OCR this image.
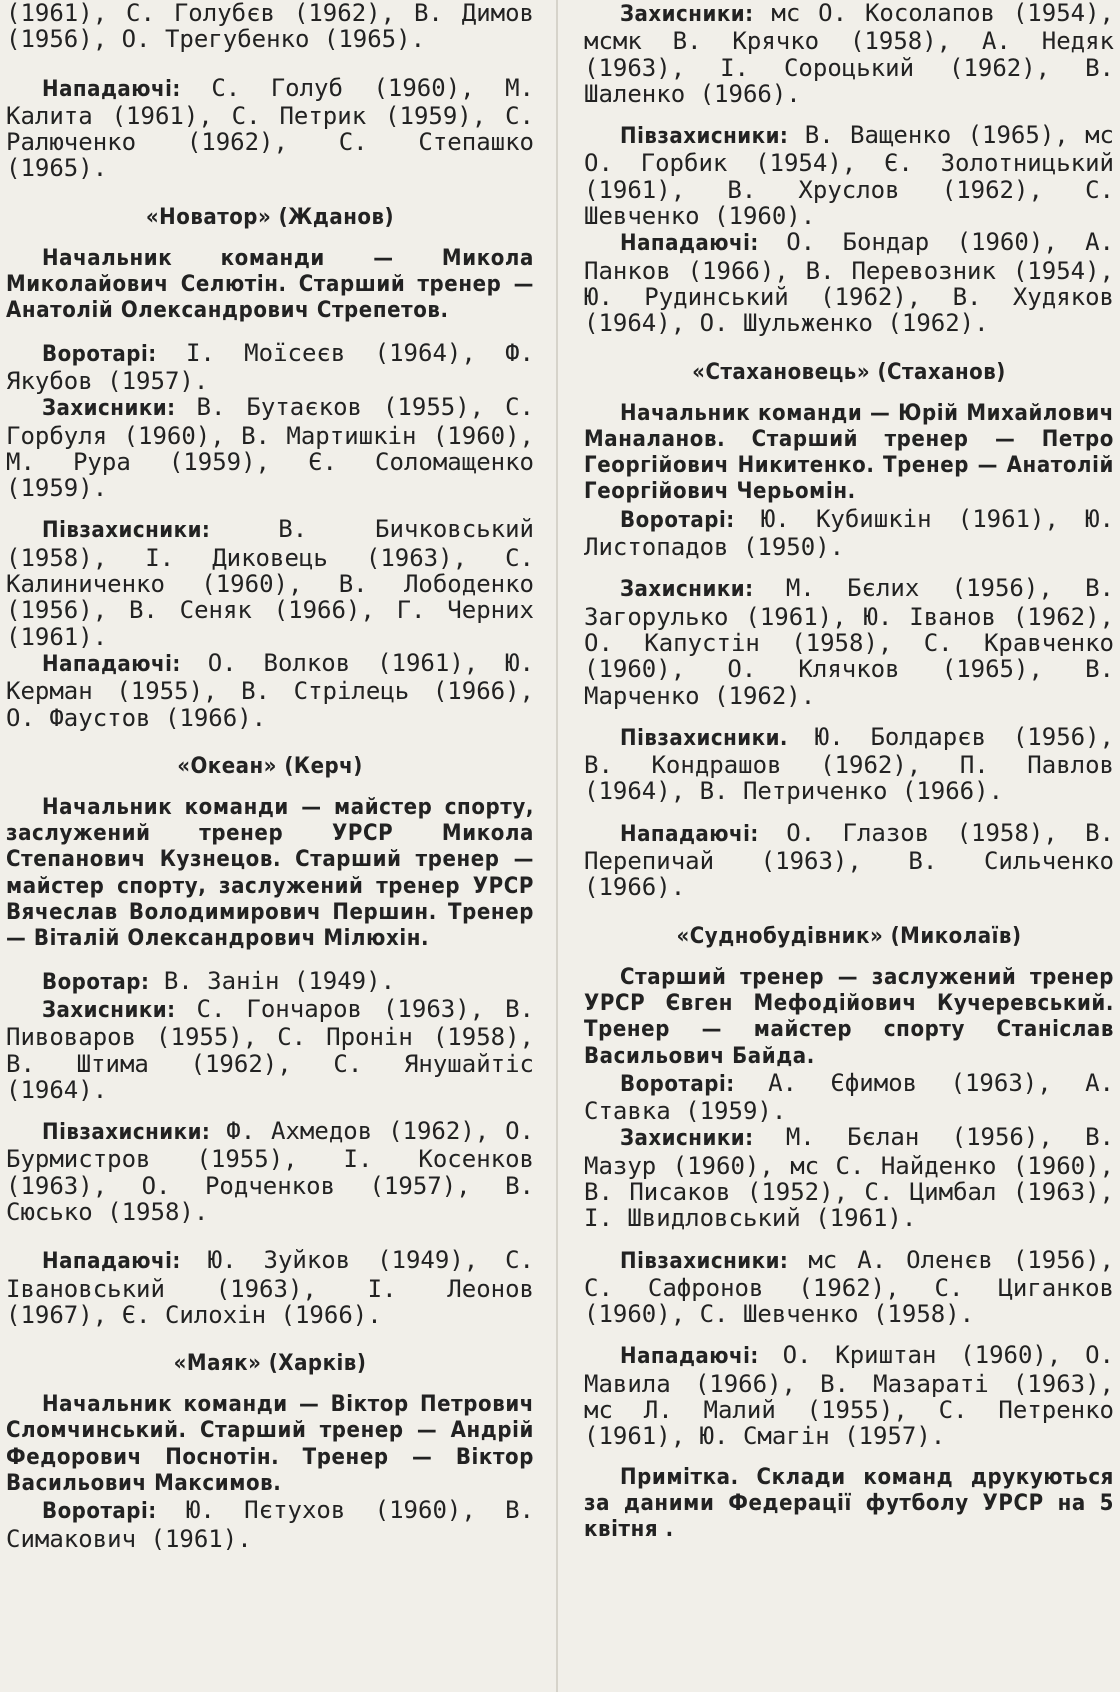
(1961), С. Голубєв (1962), В. Димов (1956), О. Трегубенко (1965).

Нападаючі: С. Голуб (1960), М. Калита (1961), С. Петрик (1959), С. Ралюченко (1962), С. Степашко (1965).

«Новатор» (Жданов)

Начальник команди — Микола Миколайович Селютін. Старший тренер — Анатолій Олександрович Стрепетов.

Воротарі: І. Моїсеєв (1964), Ф. Якубов (1957).

Захисники: В. Бутаєков (1955), С. Горбуля (1960), В. Мартишкін (1960), М. Рура (1959), Є. Соломащенко (1959).

Півзахисники:	В. Бичковський (1958), І. Диковець (1963), С. Калиниченко (1960), В. Лободенко (1956), В. Сеняк (1966), Г. Черних (1961).

Нападаючі: О. Волков (1961), Ю. Керман (1955), В. Стрілець (1966), О. Фаустов (1966).

«Океан» (Керч)

Начальник команди — майстер спорту, заслужений тренер УРСР Микола Степанович Кузнецов. Старший тренер — майстер спорту, заслужений тренер УРСР Вячеслав Володимирович Першин. Тренер — Віталій Олександрович Мілюхін.

Воротар: В. Занін (1949).

Захисники: С. Гончаров (1963), В. Пивоваров (1955), С. Пронін (1958), В. Штима (1962), С. Янушайтіс (1964).

Півзахисники: Ф. Ахмедов (1962), О. Бурмистров (1955), І. Косенков (1963), О. Родченков (1957), В. Сюсько (1958).

Нападаючі: Ю. Зуйков (1949), С. Івановський (1963), І. Леонов (1967), Є. Силохін (1966).

«Маяк» (Харків)

Начальник команди — Віктор Петрович Сломчинський. Старший тренер — Андрій Федорович Поснотін. Тренер — Віктор Васильович Максимов.

Воротарі: Ю. Пєтухов (1960), В. Симакович (1961).

Захисники: мс О. Косолапов (1954), мсмк В. Крячко (1958), А. Недяк (1963), І. Сороцький (1962), В. Шаленко (1966).

Півзахисники: В. Ващенко (1965), мс О. Горбик (1954), Є. Золотницький (1961), В. Хруслов (1962), С. Шевченко (1960).

Нападаючі: О. Бондар (1960), А. Панков (1966), В. Перевозник (1954), Ю. Рудинський (1962), В. Худяков (1964), О. Шульженко (1962).

«Стахановець» (Стаханов)

Начальник команди — Юрій Михайлович Маналанов. Старший тренер — Петро Георгійович Никитенко. Тренер — Анатолій Георгійович Черьомін.

Воротарі: Ю. Кубишкін (1961), Ю. Листопадов (1950).

Захисники: М. Бєлих (1956), В. Загорулько (1961), Ю. Іванов (1962), О. Капустін (1958), С. Кравченко (1960), О. Клячков (1965), В. Марченко (1962).

Півзахисники. Ю. Болдарєв (1956), В. Кондрашов (1962), П. Павлов (1964), В. Петриченко (1966).

Нападаючі: О. Глазов (1958), В. Перепичай (1963), В. Сильченко (1966).

«Суднобудівник» (Миколаїв)

Старший тренер — заслужений тренер УРСР Євген Мефодійович Кучеревський. Тренер — майстер спорту Станіслав Васильович Байда.

Воротарі: А. Єфимов (1963), А. Ставка (1959).

Захисники: М. Бєлан (1956), В. Мазур (1960), мс С. Найденко (1960), В. Писаков (1952), С. Цимбал (1963), І. Швидловський (1961).

Півзахисники: мс А. Оленєв (1956), С. Сафронов (1962), С. Циганков (1960), С. Шевченко (1958).

Нападаючі: О. Криштан (1960), О. Мавила (1966), В. Мазараті (1963), мс Л. Малий (1955), С. Петренко (1961), Ю. Смагін (1957).

Примітка. Склади команд друкуються за даними Федерації футболу УРСР на 5 квітня .
